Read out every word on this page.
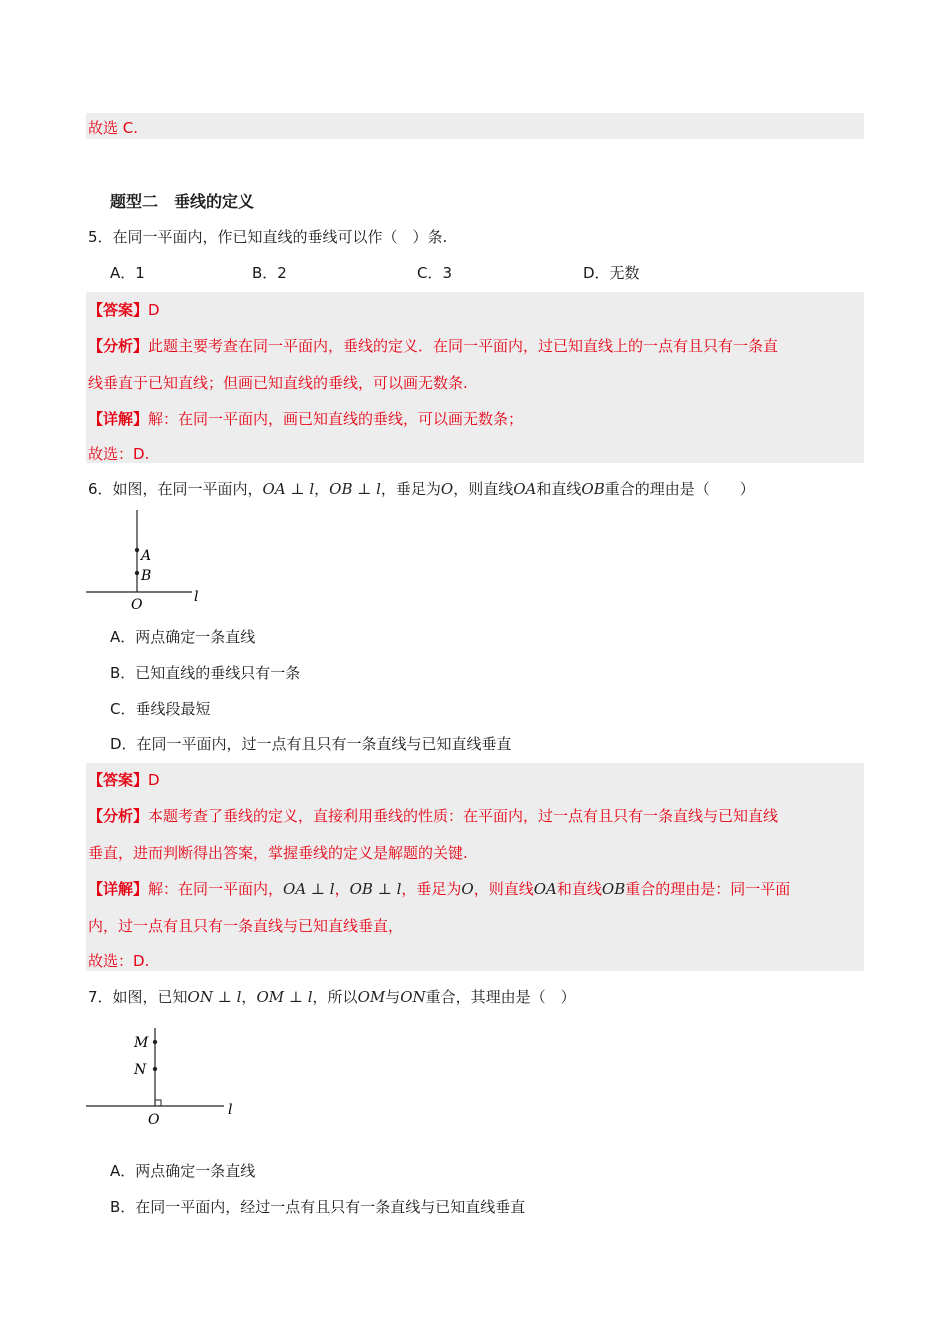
故选 C.
题型二　垂线的定义
5．在同一平面内，作已知直线的垂线可以作（　）条.
A．1	B．2	C．3	D．无数
【答案】D
【分析】此题主要考查在同一平面内，垂线的定义．在同一平面内，过已知直线上的一点有且只有一条直
线垂直于已知直线；但画已知直线的垂线，可以画无数条.
【详解】解：在同一平面内，画已知直线的垂线，可以画无数条；
故选：D.
6．如图，在同一平面内，OA ⊥ l，OB ⊥ l，垂足为O，则直线OA和直线OB重合的理由是（　　）
A
B
O	l
A．两点确定一条直线
B．已知直线的垂线只有一条
C．垂线段最短
D．在同一平面内，过一点有且只有一条直线与已知直线垂直
【答案】D
【分析】本题考查了垂线的定义，直接利用垂线的性质：在平面内，过一点有且只有一条直线与已知直线
垂直，进而判断得出答案，掌握垂线的定义是解题的关键.
【详解】解：在同一平面内，OA ⊥ l，OB ⊥ l，垂足为O，则直线OA和直线OB重合的理由是：同一平面
内，过一点有且只有一条直线与已知直线垂直，
故选：D.
7．如图，已知ON ⊥ l，OM ⊥ l，所以OM与ON重合，其理由是（　）
M
N
O
l
A．两点确定一条直线
B．在同一平面内，经过一点有且只有一条直线与已知直线垂直
